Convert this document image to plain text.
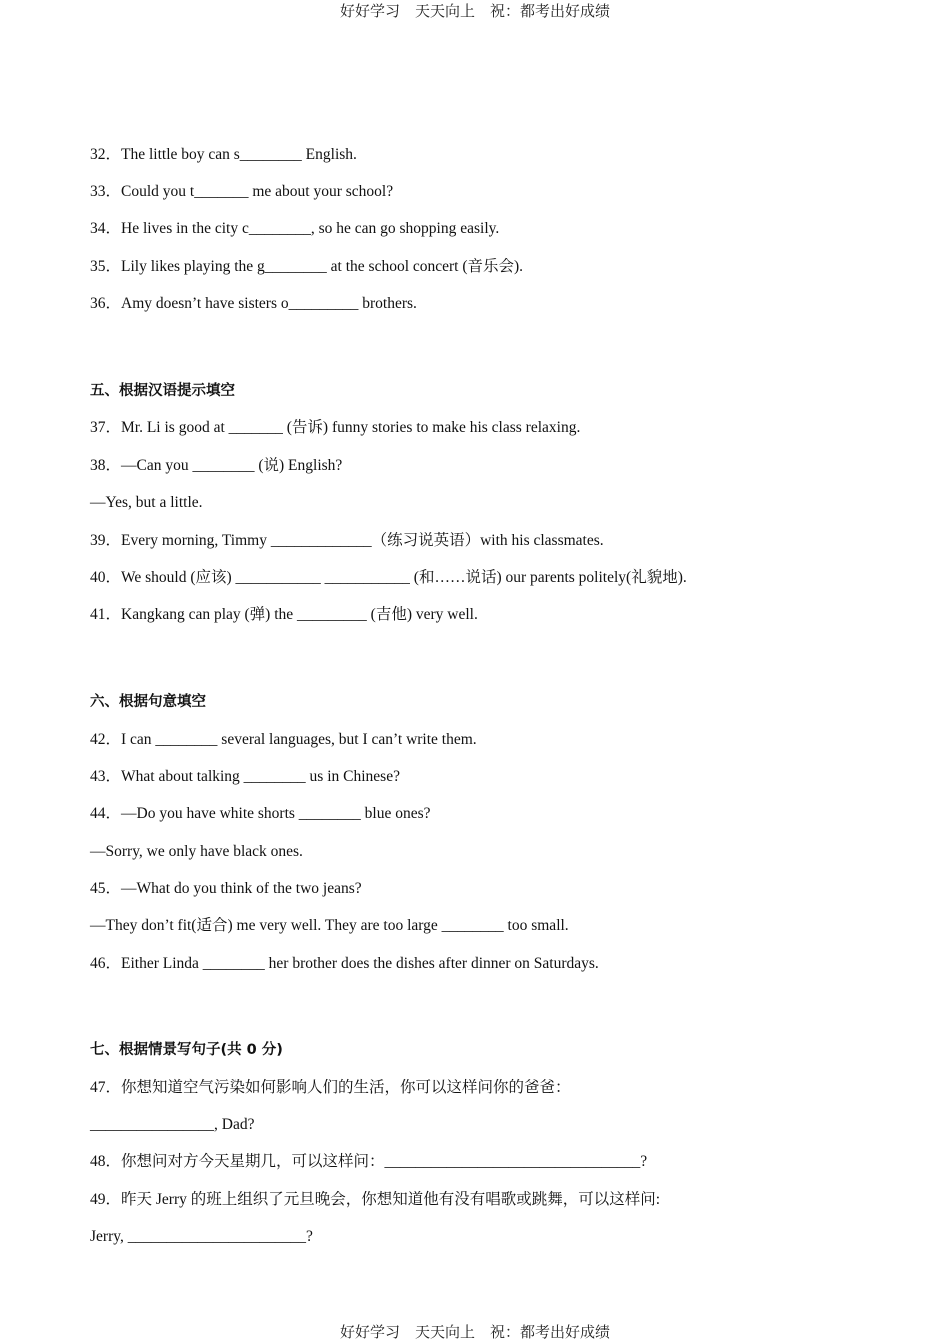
好好学习　天天向上　祝：都考出好成绩
32．The little boy can s________ English.
33．Could you t_______ me about your school?
34．He lives in the city c________, so he can go shopping easily.
35．Lily likes playing the g________ at the school concert (音乐会).
36．Amy doesn’t have sisters o_________ brothers.
五、根据汉语提示填空
37．Mr. Li is good at _______ (告诉) funny stories to make his class relaxing.
38．—Can you ________ (说) English?
—Yes, but a little.
39．Every morning, Timmy _____________（练习说英语）with his classmates.
40．We should (应该) ___________ ___________ (和……说话) our parents politely(礼貌地).
41．Kangkang can play (弹) the _________ (吉他) very well.
六、根据句意填空
42．I can ________ several languages, but I can’t write them.
43．What about talking ________ us in Chinese?
44．—Do you have white shorts ________ blue ones?
—Sorry, we only have black ones.
45．—What do you think of the two jeans?
—They don’t fit(适合) me very well. They are too large ________ too small.
46．Either Linda ________ her brother does the dishes after dinner on Saturdays.
七、根据情景写句子(共 0 分)
47．你想知道空气污染如何影响人们的生活，你可以这样问你的爸爸：
________________, Dad?
48．你想问对方今天星期几，可以这样问：_________________________________?
49．昨天 Jerry 的班上组织了元旦晚会，你想知道他有没有唱歌或跳舞，可以这样问:
Jerry, _______________________?
好好学习　天天向上　祝：都考出好成绩
